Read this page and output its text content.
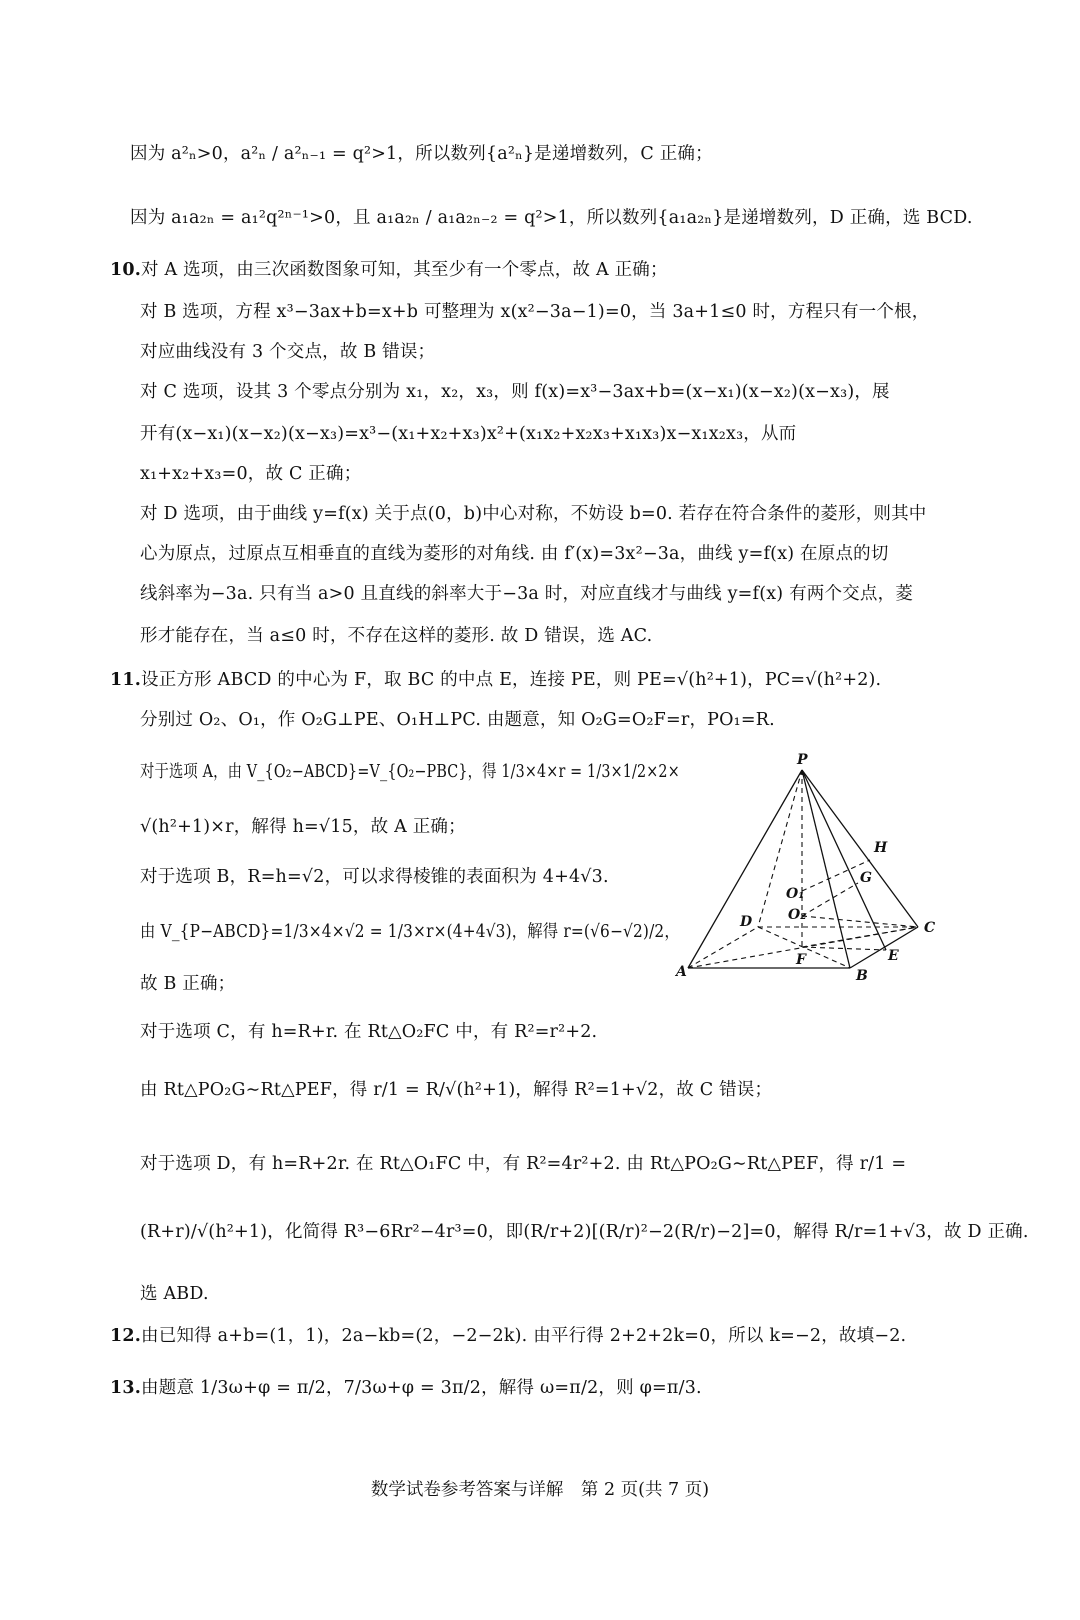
因为 a²ₙ>0，a²ₙ / a²ₙ₋₁ = q²>1，所以数列{a²ₙ}是递增数列，C 正确；
因为 a₁a₂ₙ = a₁²q²ⁿ⁻¹>0，且 a₁a₂ₙ / a₁a₂ₙ₋₂ = q²>1，所以数列{a₁a₂ₙ}是递增数列，D 正确，选 BCD.
10.对 A 选项，由三次函数图象可知，其至少有一个零点，故 A 正确；
对 B 选项，方程 x³−3ax+b=x+b 可整理为 x(x²−3a−1)=0，当 3a+1≤0 时，方程只有一个根，
对应曲线没有 3 个交点，故 B 错误；
对 C 选项，设其 3 个零点分别为 x₁，x₂，x₃，则 f(x)=x³−3ax+b=(x−x₁)(x−x₂)(x−x₃)，展
开有(x−x₁)(x−x₂)(x−x₃)=x³−(x₁+x₂+x₃)x²+(x₁x₂+x₂x₃+x₁x₃)x−x₁x₂x₃，从而
x₁+x₂+x₃=0，故 C 正确；
对 D 选项，由于曲线 y=f(x) 关于点(0，b)中心对称，不妨设 b=0. 若存在符合条件的菱形，则其中
心为原点，过原点互相垂直的直线为菱形的对角线. 由 f′(x)=3x²−3a，曲线 y=f(x) 在原点的切
线斜率为−3a. 只有当 a>0 且直线的斜率大于−3a 时，对应直线才与曲线 y=f(x) 有两个交点，菱
形才能存在，当 a≤0 时，不存在这样的菱形. 故 D 错误，选 AC.
11.设正方形 ABCD 的中心为 F，取 BC 的中点 E，连接 PE，则 PE=√(h²+1)，PC=√(h²+2).
分别过 O₂、O₁，作 O₂G⊥PE、O₁H⊥PC. 由题意，知 O₂G=O₂F=r，PO₁=R.
对于选项 A，由 V_{O₂−ABCD}=V_{O₂−PBC}，得 1/3×4×r = 1/3×1/2×2×
√(h²+1)×r，解得 h=√15，故 A 正确；
对于选项 B，R=h=√2，可以求得棱锥的表面积为 4+4√3.
由 V_{P−ABCD}=1/3×4×√2 = 1/3×r×(4+4√3)，解得 r=(√6−√2)/2，
故 B 正确；
对于选项 C，有 h=R+r. 在 Rt△O₂FC 中，有 R²=r²+2.
由 Rt△PO₂G∼Rt△PEF，得 r/1 = R/√(h²+1)，解得 R²=1+√2，故 C 错误；
对于选项 D，有 h=R+2r. 在 Rt△O₁FC 中，有 R²=4r²+2. 由 Rt△PO₂G∼Rt△PEF，得 r/1 =
(R+r)/√(h²+1)，化简得 R³−6Rr²−4r³=0，即(R/r+2)[(R/r)²−2(R/r)−2]=0，解得 R/r=1+√3，故 D 正确.
选 ABD.
12.由已知得 a+b=(1，1)，2a−kb=(2，−2−2k). 由平行得 2+2+2k=0，所以 k=−2，故填−2.
13.由题意 1/3ω+φ = π/2，7/3ω+φ = 3π/2，解得 ω=π/2，则 φ=π/3.
P
H
G
O₁
O₂
D	C
A	B
E
F
数学试卷参考答案与详解　第 2 页(共 7 页)
